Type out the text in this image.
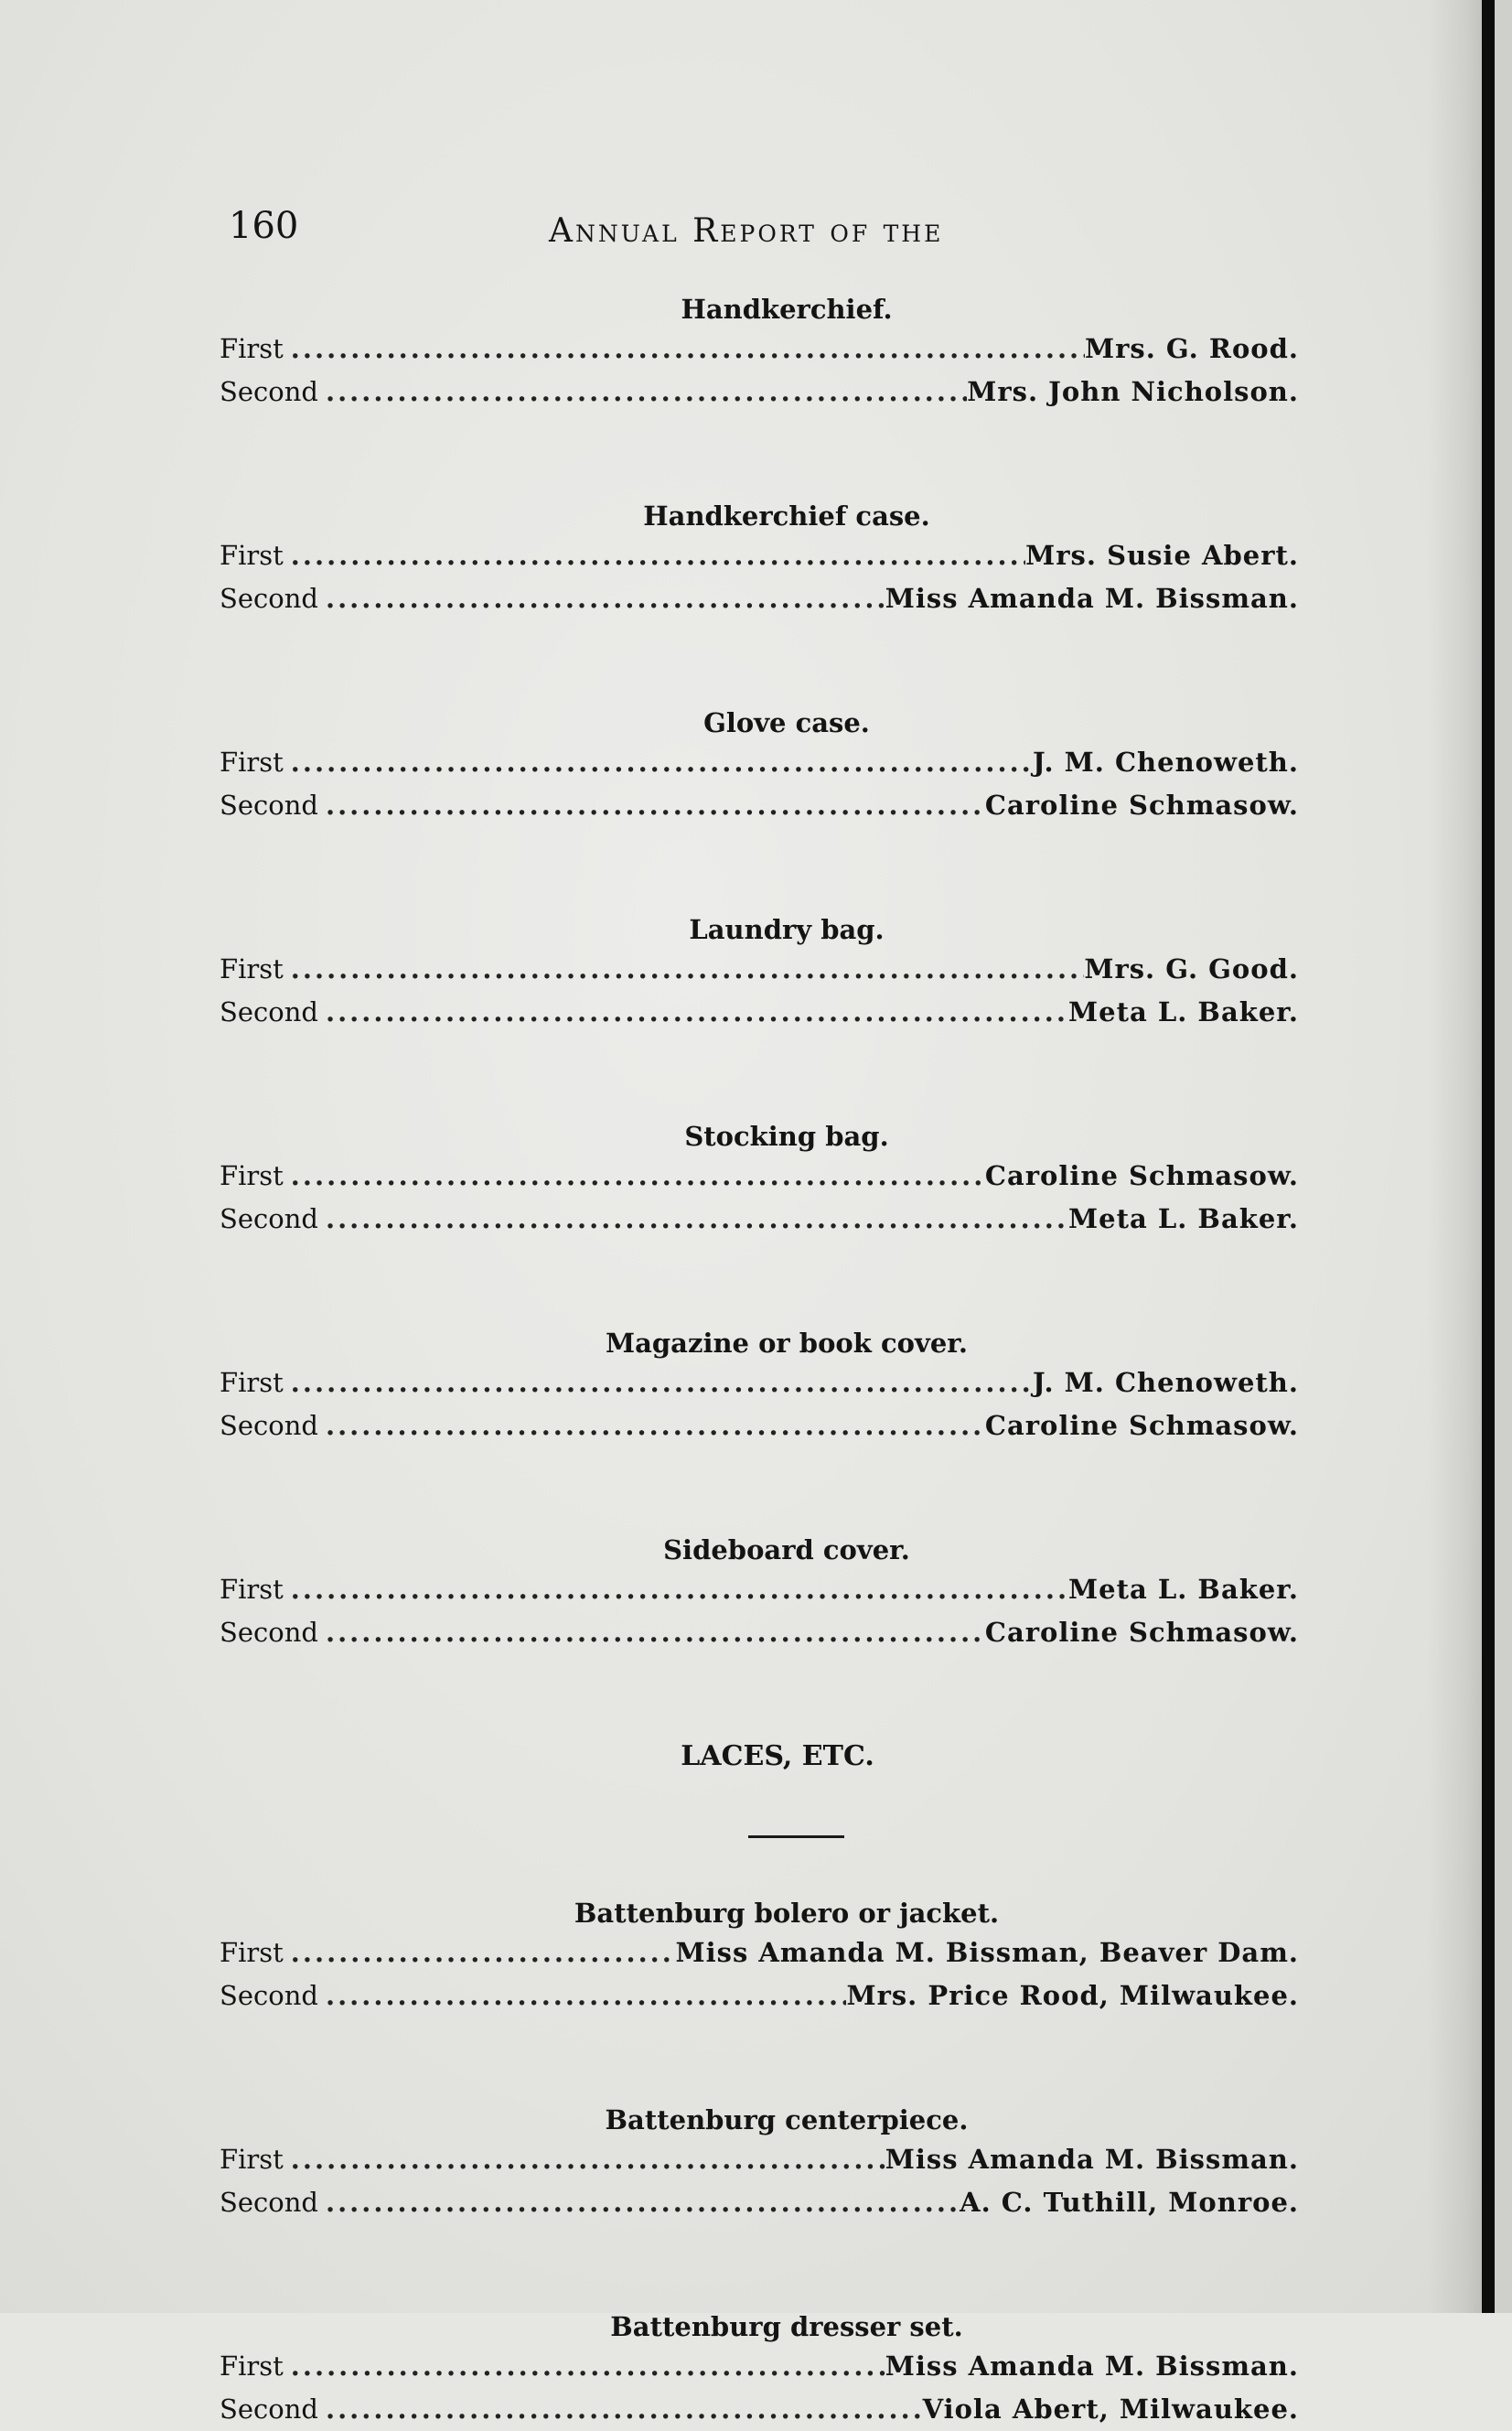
160	Annual Report of the
Handkerchief.
First .....	Mrs. G. Rood.
Second .....	Mrs. John Nicholson.
Handkerchief case.
First .....	Mrs. Susie Abert.
Second .....	Miss Amanda M. Bissman.
Glove case.
First .....	J. M. Chenoweth.
Second .....	Caroline Schmasow.
Laundry bag.
First .....	Mrs. G. Good.
Second .....	Meta L. Baker.
Stocking bag.
First .....	Caroline Schmasow.
Second .....	Meta L. Baker.
Magazine or book cover.
First .....	J. M. Chenoweth.
Second .....	Caroline Schmasow.
Sideboard cover.
First .....	Meta L. Baker.
Second .....	Caroline Schmasow.
LACES, ETC.
Battenburg bolero or jacket.
First .....	Miss Amanda M. Bissman, Beaver Dam.
Second .....	Mrs. Price Rood, Milwaukee.
Battenburg centerpiece.
First .....	Miss Amanda M. Bissman.
Second .....	A. C. Tuthill, Monroe.
Battenburg dresser set.
First .....	Miss Amanda M. Bissman.
Second .....	Viola Abert, Milwaukee.
